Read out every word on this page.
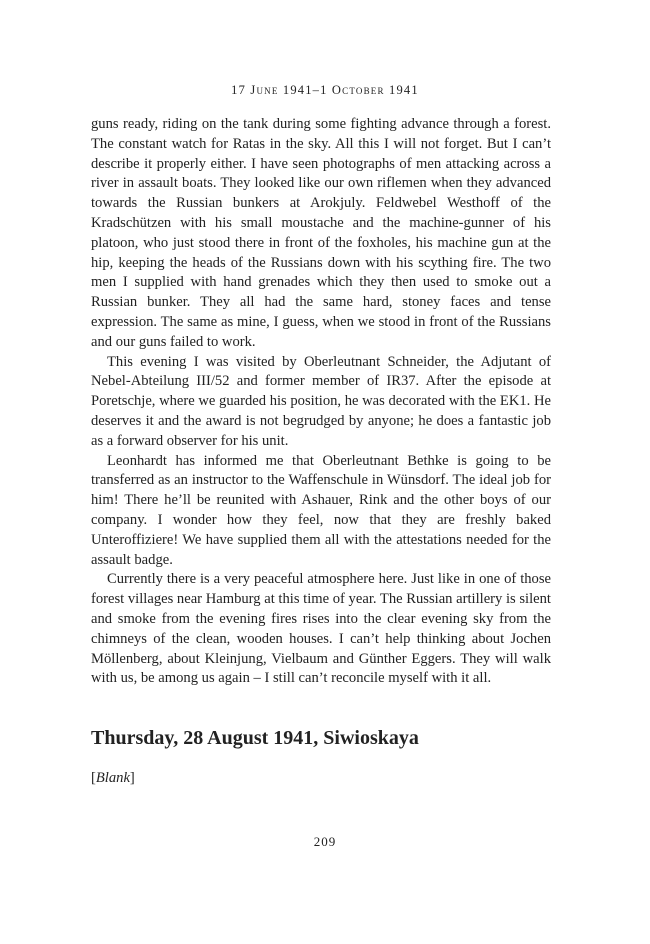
17 June 1941–1 October 1941

guns ready, riding on the tank during some fighting advance through a forest. The constant watch for Ratas in the sky. All this I will not forget. But I can’t describe it properly either. I have seen photographs of men attacking across a river in assault boats. They looked like our own riflemen when they advanced towards the Russian bunkers at Arokjuly. Feldwebel Westhoff of the Kradschützen with his small moustache and the machine-gunner of his platoon, who just stood there in front of the foxholes, his machine gun at the hip, keeping the heads of the Russians down with his scything fire. The two men I supplied with hand grenades which they then used to smoke out a Russian bunker. They all had the same hard, stoney faces and tense expression. The same as mine, I guess, when we stood in front of the Russians and our guns failed to work.

This evening I was visited by Oberleutnant Schneider, the Adjutant of Nebel-Abteilung III/52 and former member of IR37. After the episode at Poretschje, where we guarded his position, he was decorated with the EK1. He deserves it and the award is not begrudged by anyone; he does a fantastic job as a forward observer for his unit.

Leonhardt has informed me that Oberleutnant Bethke is going to be transferred as an instructor to the Waffenschule in Wünsdorf. The ideal job for him! There he’ll be reunited with Ashauer, Rink and the other boys of our company. I wonder how they feel, now that they are freshly baked Unteroffiziere! We have supplied them all with the attestations needed for the assault badge.

Currently there is a very peaceful atmosphere here. Just like in one of those forest villages near Hamburg at this time of year. The Russian artillery is silent and smoke from the evening fires rises into the clear evening sky from the chimneys of the clean, wooden houses. I can’t help thinking about Jochen Möllenberg, about Kleinjung, Vielbaum and Günther Eggers. They will walk with us, be among us again – I still can’t reconcile myself with it all.

Thursday, 28 August 1941, Siwioskaya
[Blank]
209
